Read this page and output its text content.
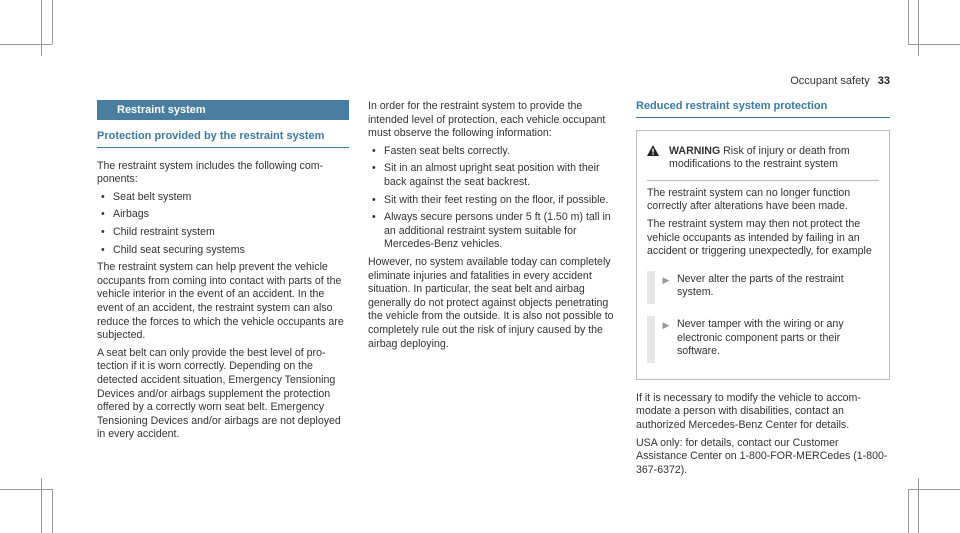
Occupant safety 33
Restraint system
Protection provided by the restraint system

The restraint system includes the following components:

• Seat belt system
• Airbags
• Child restraint system
• Child seat securing systems

The restraint system can help prevent the vehicle occupants from coming into contact with parts of the vehicle interior in the event of an accident. In the event of an accident, the restraint system can also reduce the forces to which the vehicle occupants are subjected.

A seat belt can only provide the best level of protection if it is worn correctly. Depending on the detected accident situation, Emergency Tensioning Devices and/or airbags supplement the protection offered by a correctly worn seat belt. Emergency Tensioning Devices and/or airbags are not deployed in every accident.

In order for the restraint system to provide the intended level of protection, each vehicle occupant must observe the following information:

• Fasten seat belts correctly.
• Sit in an almost upright seat position with their back against the seat backrest.
• Sit with their feet resting on the floor, if possible.
• Always secure persons under 5 ft (1.50 m) tall in an additional restraint system suitable for Mercedes-Benz vehicles.

However, no system available today can completely eliminate injuries and fatalities in every accident situation. In particular, the seat belt and airbag generally do not protect against objects penetrating the vehicle from the outside. It is also not possible to completely rule out the risk of injury caused by the airbag deploying.

Reduced restraint system protection
WARNING Risk of injury or death from modifications to the restraint system

The restraint system can no longer function correctly after alterations have been made.

The restraint system may then not protect the vehicle occupants as intended by failing in an accident or triggering unexpectedly, for example

▶ Never alter the parts of the restraint system.
▶ Never tamper with the wiring or any electronic component parts or their software.

If it is necessary to modify the vehicle to accommodate a person with disabilities, contact an authorized Mercedes-Benz Center for details.

USA only: for details, contact our Customer Assistance Center on 1-800-FOR-MERCedes (1-800-367-6372).
